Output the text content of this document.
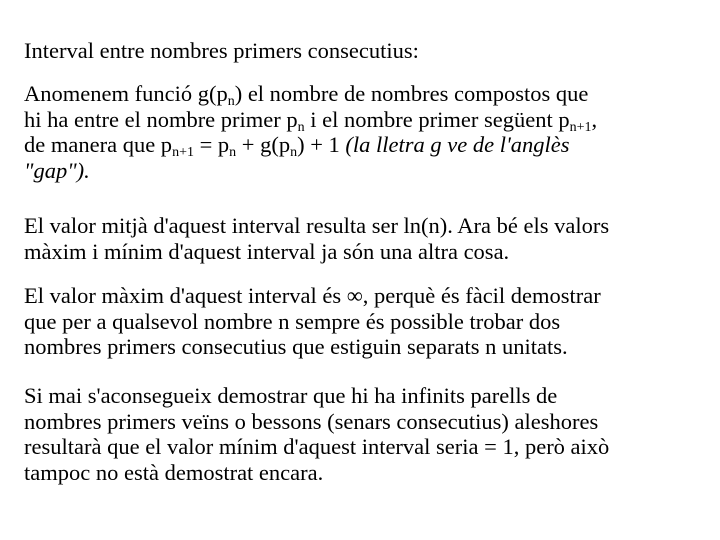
Interval entre nombres primers consecutius:
Anomenem funció $g(p_n)$ el nombre de nombres compostos que
hi ha entre el nombre primer $p_n$ i el nombre primer següent $p_{n+1}$,
de manera que $p_{n+1} = p_n + g(p_n) + 1$ (la lletra g ve de l'anglès
"gap").
El valor mitjà d'aquest interval resulta ser ln(n). Ara bé els valors
màxim i mínim d'aquest interval ja són una altra cosa.
El valor màxim d'aquest interval és ∞, perquè és fàcil demostrar
que per a qualsevol nombre n sempre és possible trobar dos
nombres primers consecutius que estiguin separats n unitats.
Si mai s'aconsegueix demostrar que hi ha infinits parells de
nombres primers veïns o bessons (senars consecutius) aleshores
resultarà que el valor mínim d'aquest interval seria = 1, però això
tampoc no està demostrat encara.
